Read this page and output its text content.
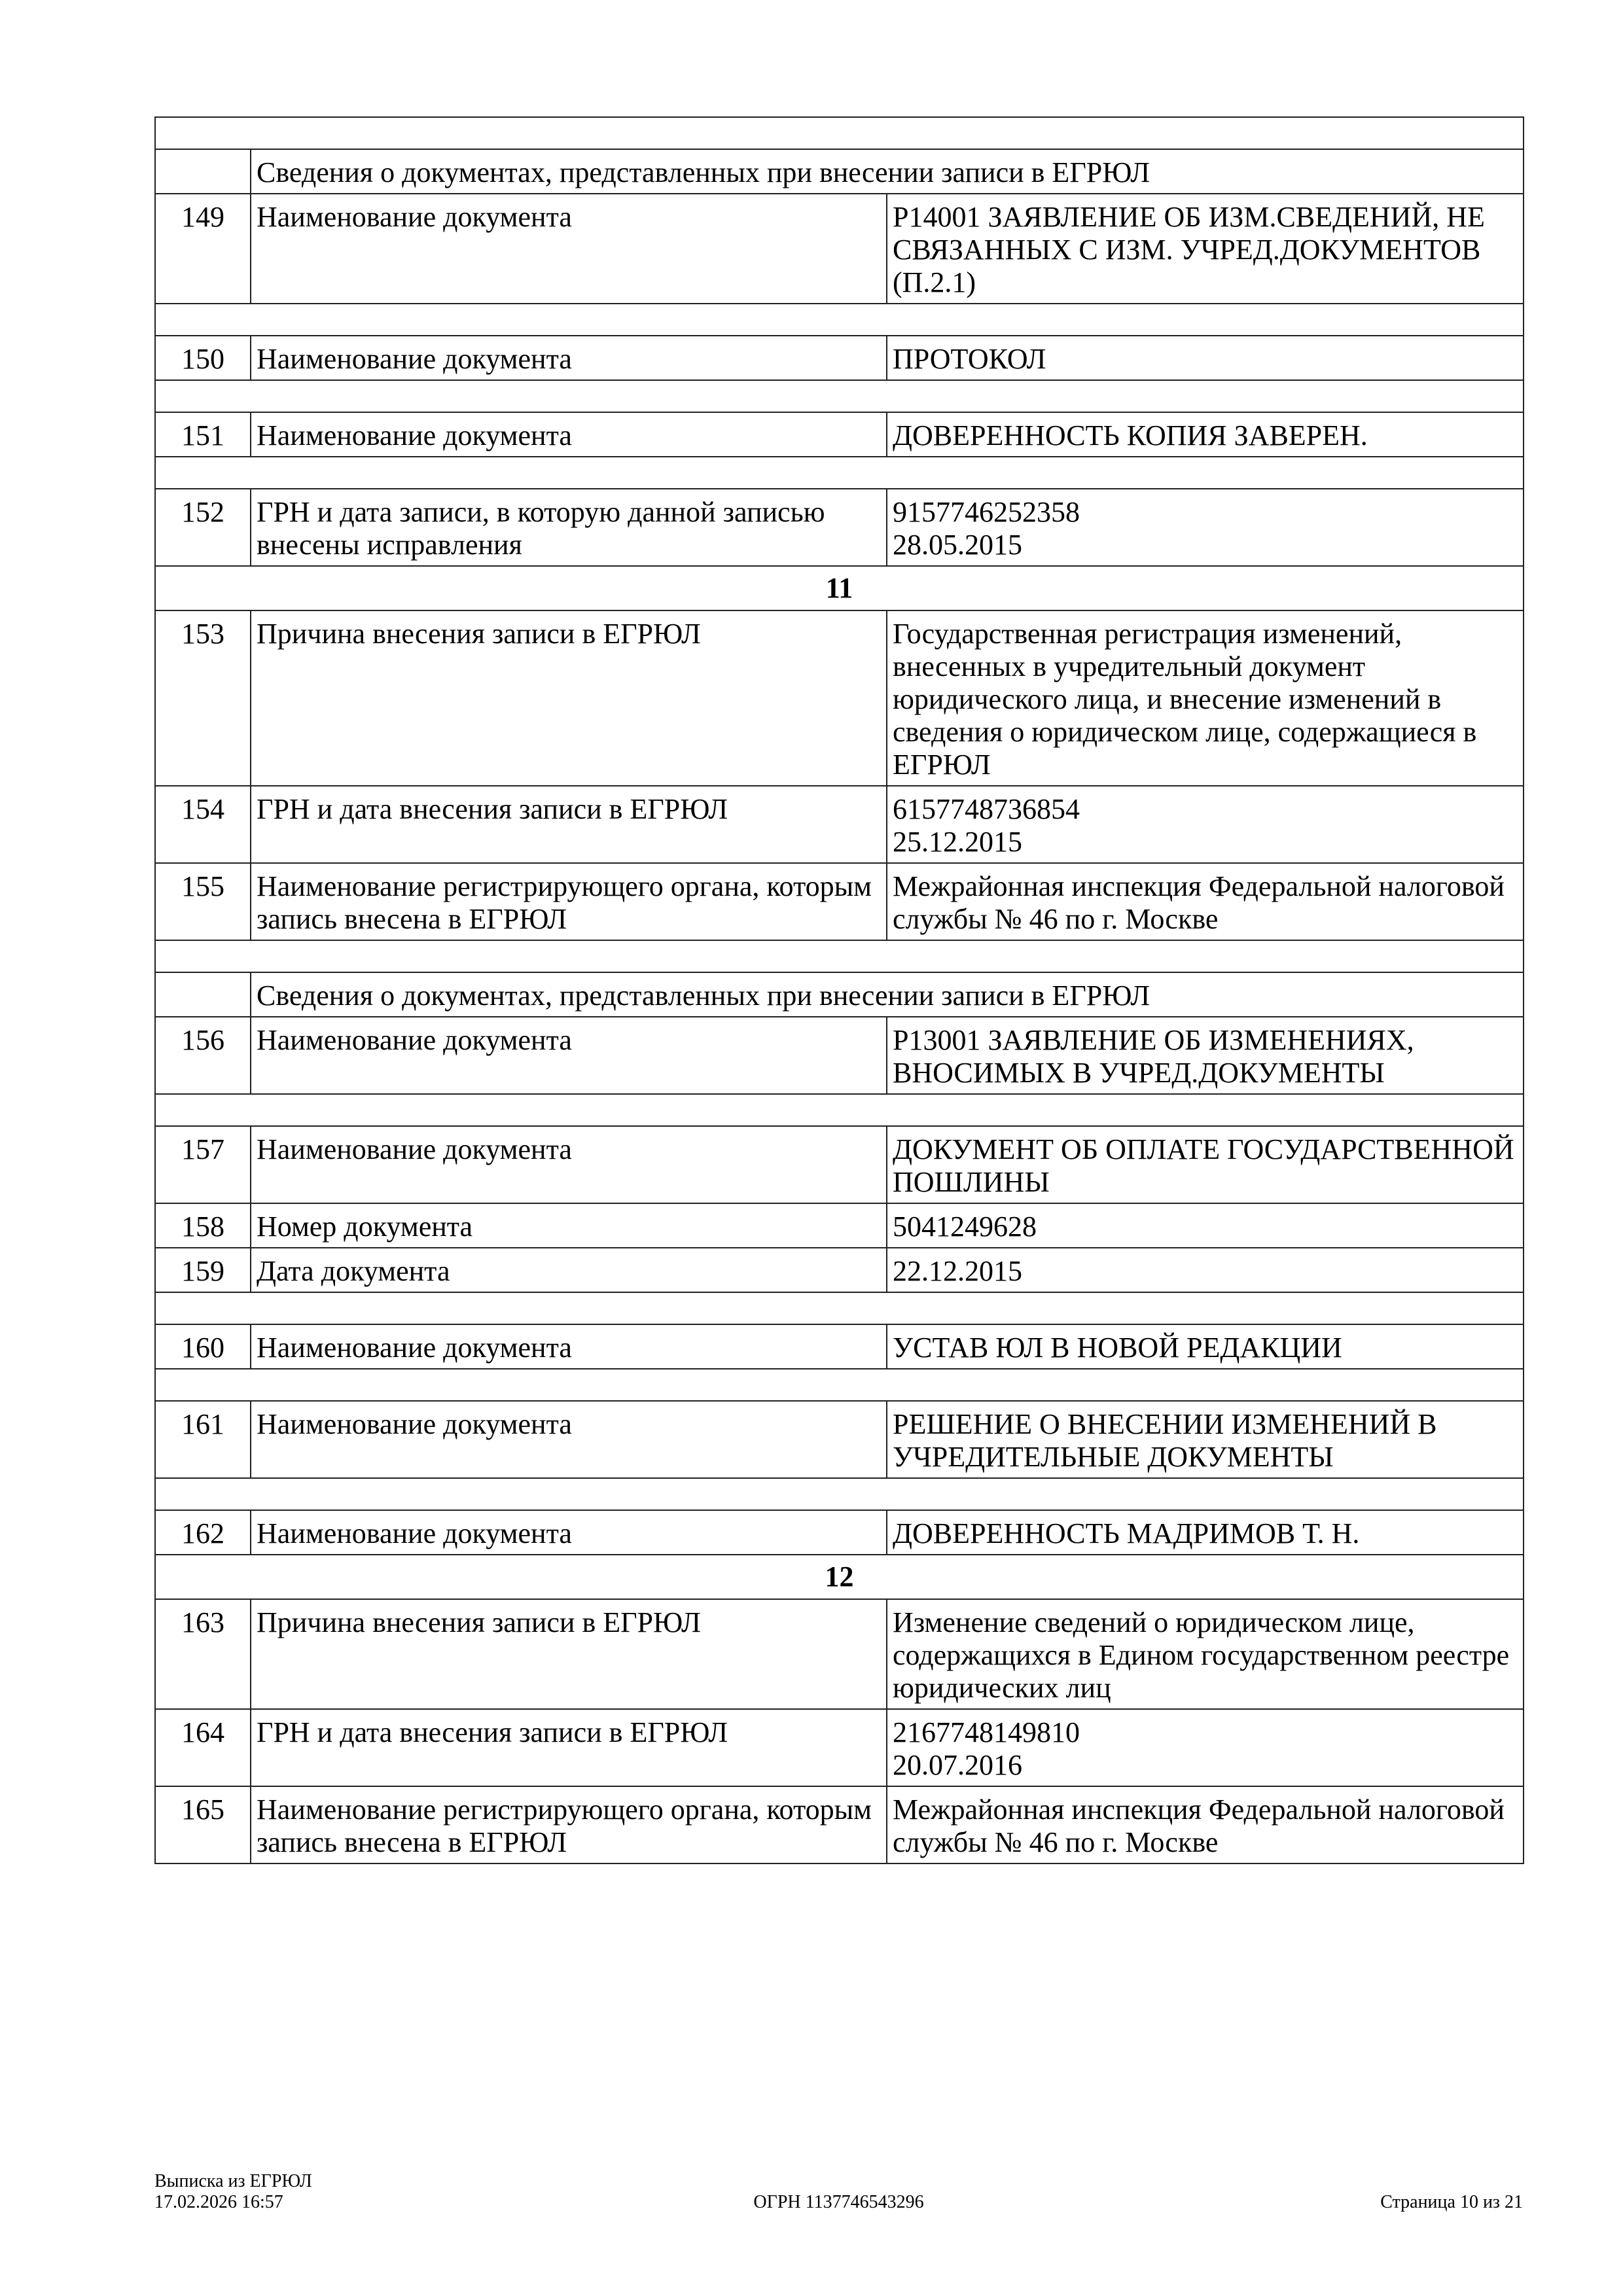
	Сведения о документах, представленных при внесении записи в ЕГРЮЛ	
149	Наименование документа	Р14001 ЗАЯВЛЕНИЕ ОБ ИЗМ.СВЕДЕНИЙ, НЕ СВЯЗАННЫХ С ИЗМ. УЧРЕД.ДОКУМЕНТОВ (П.2.1)

150	Наименование документа	ПРОТОКОЛ

151	Наименование документа	ДОВЕРЕННОСТЬ КОПИЯ ЗАВЕРЕН.

152	ГРН и дата записи, в которую данной записью внесены исправления	9157746252358
28.05.2015

11		
153	Причина внесения записи в ЕГРЮЛ	Государственная регистрация изменений, внесенных в учредительный документ юридического лица, и внесение изменений в сведения о юридическом лице, содержащиеся в ЕГРЮЛ

154	ГРН и дата внесения записи в ЕГРЮЛ	6157748736854
25.12.2015

155	Наименование регистрирующего органа, которым запись внесена в ЕГРЮЛ	Межрайонная инспекция Федеральной налоговой службы № 46 по г. Москве

	Сведения о документах, представленных при внесении записи в ЕГРЮЛ	
156	Наименование документа	Р13001 ЗАЯВЛЕНИЕ ОБ ИЗМЕНЕНИЯХ, ВНОСИМЫХ В УЧРЕД.ДОКУМЕНТЫ

157	Наименование документа	ДОКУМЕНТ ОБ ОПЛАТЕ ГОСУДАРСТВЕННОЙ ПОШЛИНЫ

158	Номер документа	5041249628

159	Дата документа	22.12.2015

160	Наименование документа	УСТАВ ЮЛ В НОВОЙ РЕДАКЦИИ

161	Наименование документа	РЕШЕНИЕ О ВНЕСЕНИИ ИЗМЕНЕНИЙ В УЧРЕДИТЕЛЬНЫЕ ДОКУМЕНТЫ

162	Наименование документа	ДОВЕРЕННОСТЬ МАДРИМОВ Т. Н.

12		
163	Причина внесения записи в ЕГРЮЛ	Изменение сведений о юридическом лице, содержащихся в Едином государственном реестре юридических лиц

164	ГРН и дата внесения записи в ЕГРЮЛ	2167748149810
20.07.2016

165	Наименование регистрирующего органа, которым запись внесена в ЕГРЮЛ	Межрайонная инспекция Федеральной налоговой службы № 46 по г. Москве
Выписка из ЕГРЮЛ
17.02.2026 16:57	ОГРН 1137746543296	Страница 10 из 21
